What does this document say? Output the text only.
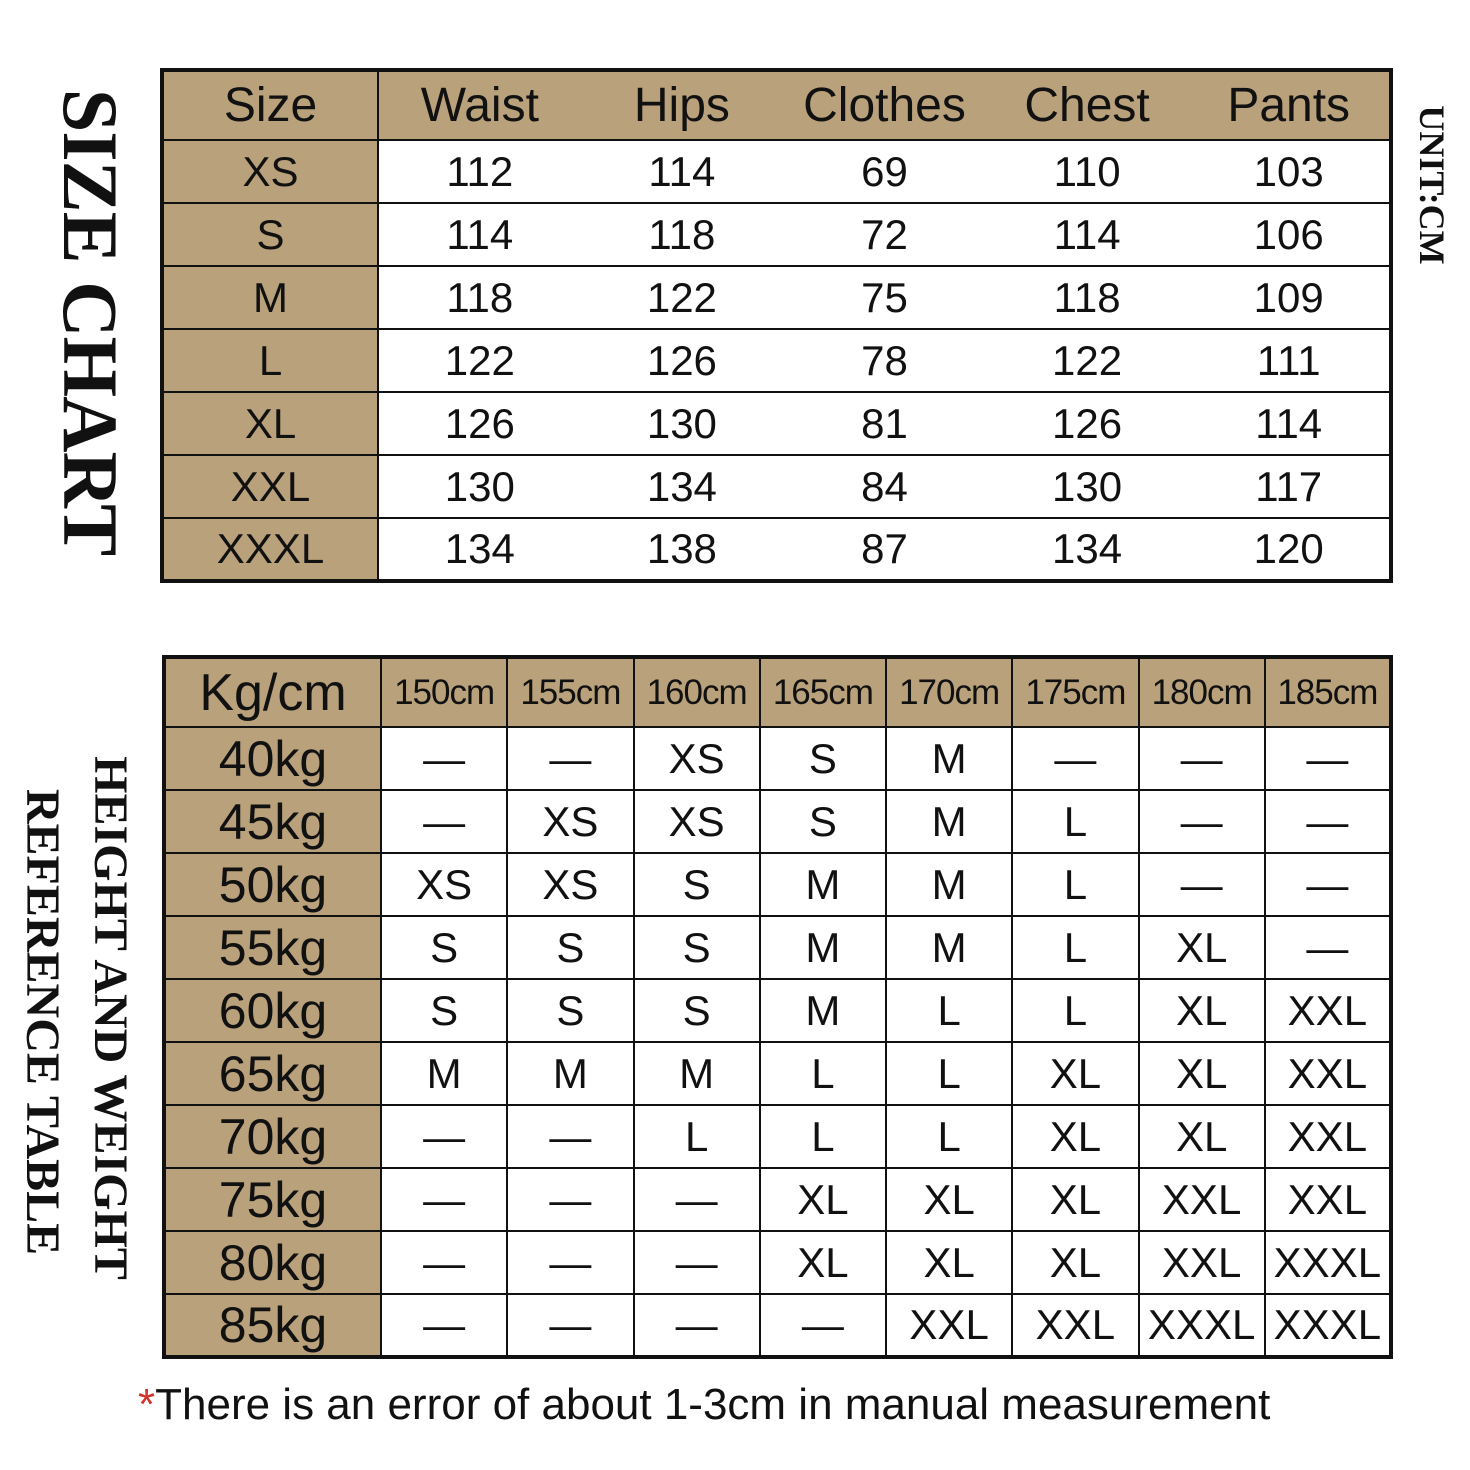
SIZE CHART	UNIT:CM
HEIGHT AND WEIGHT
REFERENCE TABLE
Size	Waist	Hips	Clothes	Chest	Pants
XS	112	114	69	110	103
S	114	118	72	114	106
M	118	122	75	118	109
L	122	126	78	122	111
XL	126	130	81	126	114
XXL	130	134	84	130	117
XXXL	134	138	87	134	120
Kg/cm	150cm	155cm	160cm	165cm	170cm	175cm	180cm	185cm
40kg	—	—	XS	S	M	—	—	—
45kg	—	XS	XS	S	M	L	—	—
50kg	XS	XS	S	M	M	L	—	—
55kg	S	S	S	M	M	L	XL	—
60kg	S	S	S	M	L	L	XL	XXL
65kg	M	M	M	L	L	XL	XL	XXL
70kg	—	—	L	L	L	XL	XL	XXL
75kg	—	—	—	XL	XL	XL	XXL	XXL
80kg	—	—	—	XL	XL	XL	XXL	XXXL
85kg	—	—	—	—	XXL	XXL	XXXL	XXXL
*There is an error of about 1-3cm in manual measurement
